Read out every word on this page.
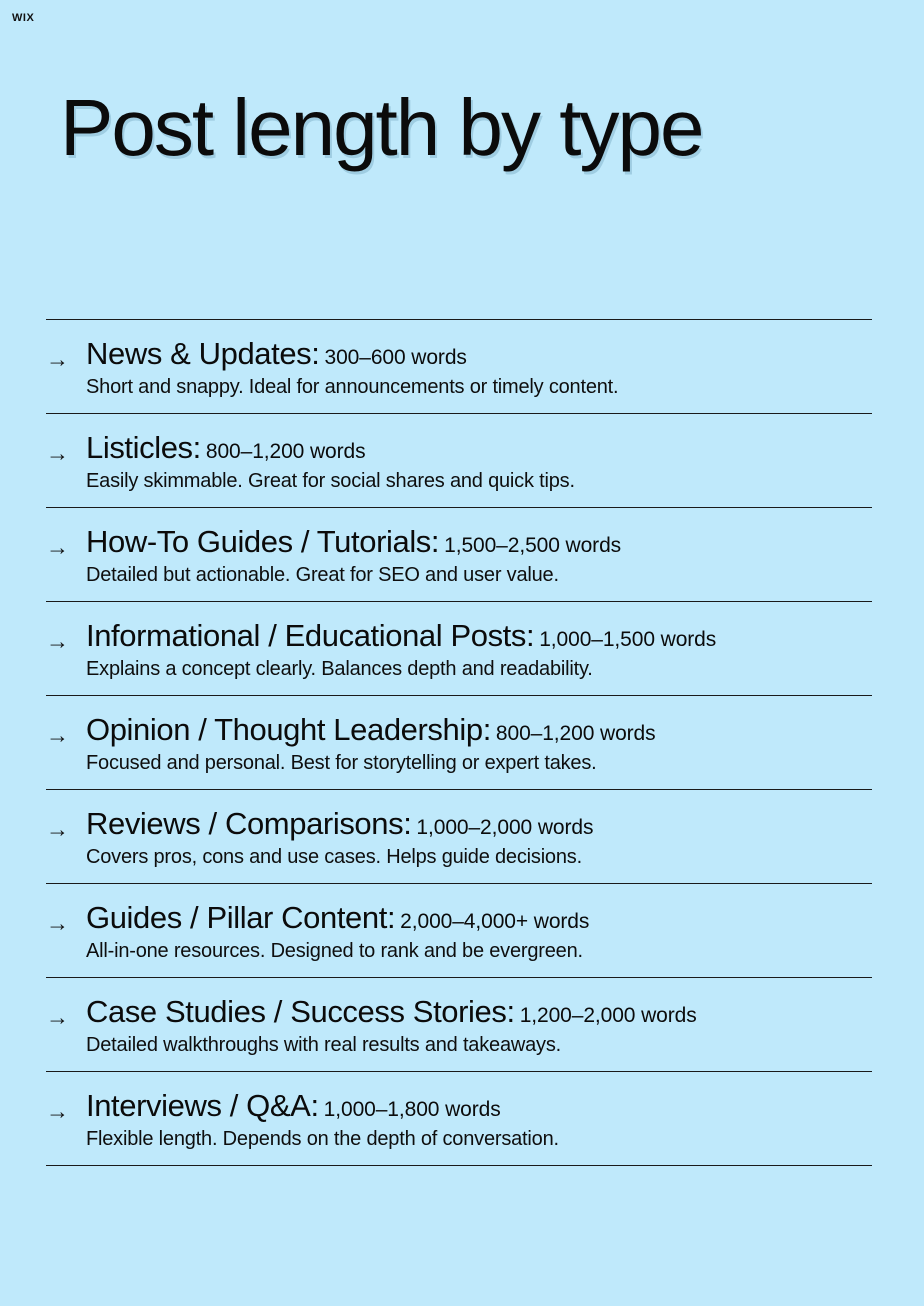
WIX
Post length by type
→ News & Updates: 300–600 words
Short and snappy. Ideal for announcements or timely content.
→ Listicles: 800–1,200 words
Easily skimmable. Great for social shares and quick tips.
→ How-To Guides / Tutorials: 1,500–2,500 words
Detailed but actionable. Great for SEO and user value.
→ Informational / Educational Posts: 1,000–1,500 words
Explains a concept clearly. Balances depth and readability.
→ Opinion / Thought Leadership: 800–1,200 words
Focused and personal. Best for storytelling or expert takes.
→ Reviews / Comparisons: 1,000–2,000 words
Covers pros, cons and use cases. Helps guide decisions.
→ Guides / Pillar Content: 2,000–4,000+ words
All-in-one resources. Designed to rank and be evergreen.
→ Case Studies / Success Stories: 1,200–2,000 words
Detailed walkthroughs with real results and takeaways.
→ Interviews / Q&A: 1,000–1,800 words
Flexible length. Depends on the depth of conversation.
